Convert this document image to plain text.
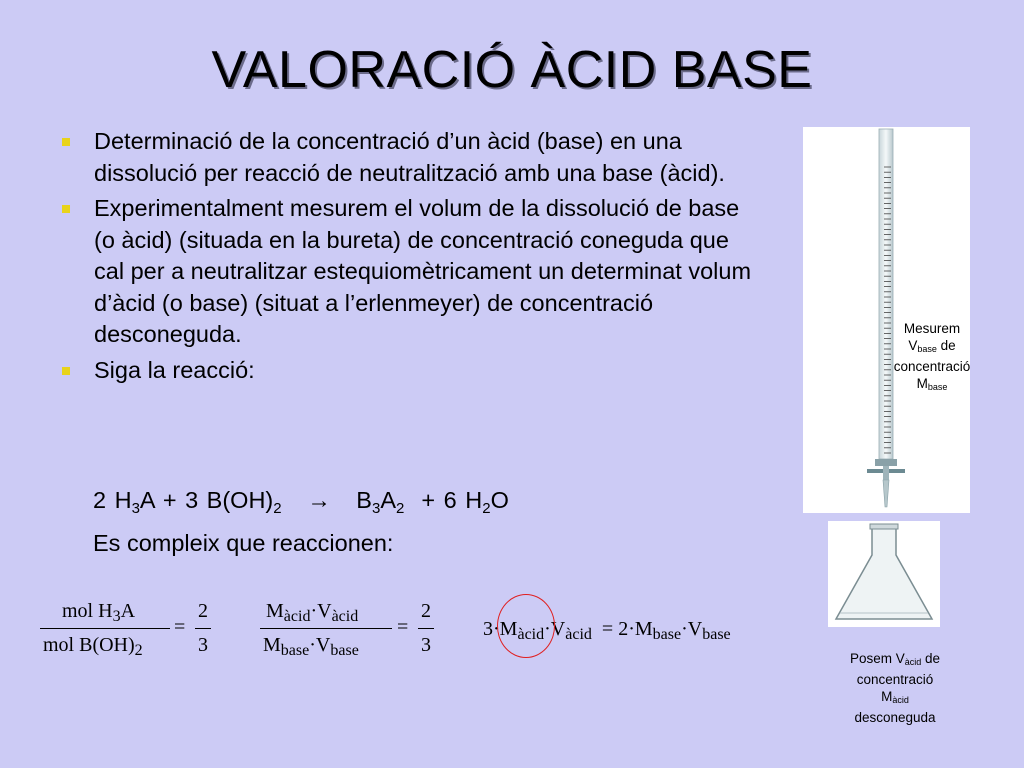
VALORACIÓ ÀCID BASE
Determinació de la concentració d’un àcid (base) en una dissolució per reacció de neutralització amb una base (àcid).
Experimentalment mesurem el volum de la dissolució de base (o àcid) (situada en la bureta) de concentració coneguda que cal per a neutralitzar estequiomètricament un determinat volum d’àcid (o base) (situat a l’erlenmeyer) de concentració desconeguda.
Siga la reacció:
2 $H_3A + 3$ $B(OH)_2 \to B_3A_2 + 6$ $H_2O$
Es compleix que reaccionen:
mol $H_3A$
mol $B(OH)_2$
=
2
3
$M_{àcid}\cdot V_{àcid}$
$M_{base}\cdot V_{base}$
=
2
3
$3\cdot M_{àcid}\cdot V_{àcid} = 2\cdot M_{base}\cdot V_{base}$
Mesurem
$V_{base}$ de
concentració
$M_{base}$
Posem $V_{àcid}$ de
concentració
$M_{àcid}$
desconeguda
